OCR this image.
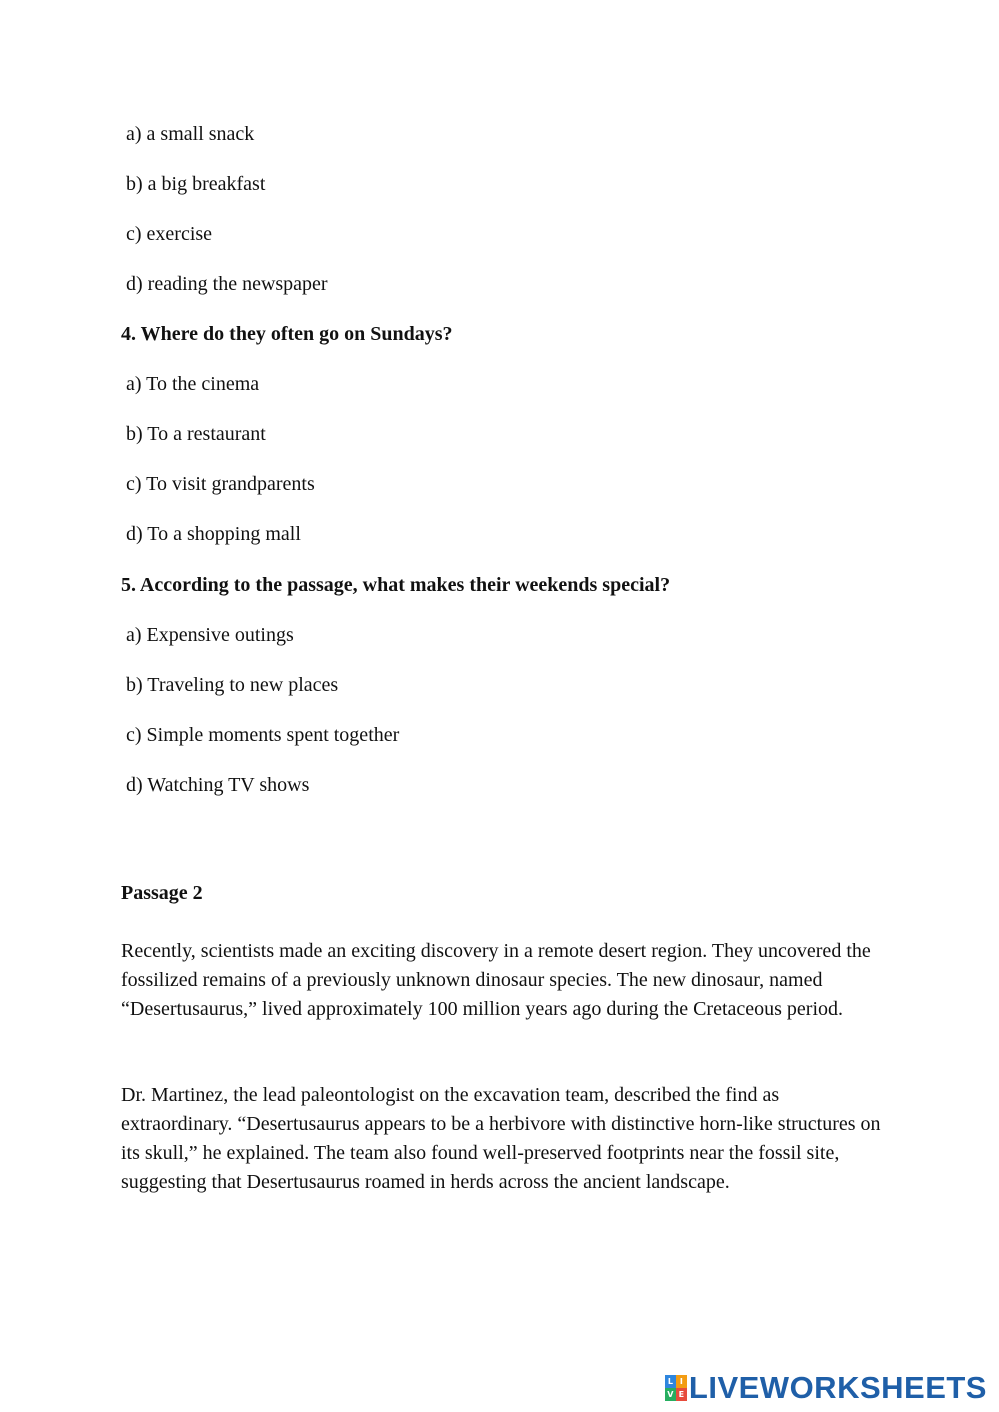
a) a small snack
b) a big breakfast
c) exercise
d) reading the newspaper
4. Where do they often go on Sundays?
a) To the cinema
b) To a restaurant
c) To visit grandparents
d) To a shopping mall
5. According to the passage, what makes their weekends special?
a) Expensive outings
b) Traveling to new places
c) Simple moments spent together
d) Watching TV shows
Passage 2

Recently, scientists made an exciting discovery in a remote desert region. They uncovered the fossilized remains of a previously unknown dinosaur species. The new dinosaur, named “Desertusaurus,” lived approximately 100 million years ago during the Cretaceous period.

Dr. Martinez, the lead paleontologist on the excavation team, described the find as extraordinary. “Desertusaurus appears to be a herbivore with distinctive horn-like structures on its skull,” he explained. The team also found well-preserved footprints near the fossil site, suggesting that Desertusaurus roamed in herds across the ancient landscape.

L I
V E LIVEWORKSHEETS
